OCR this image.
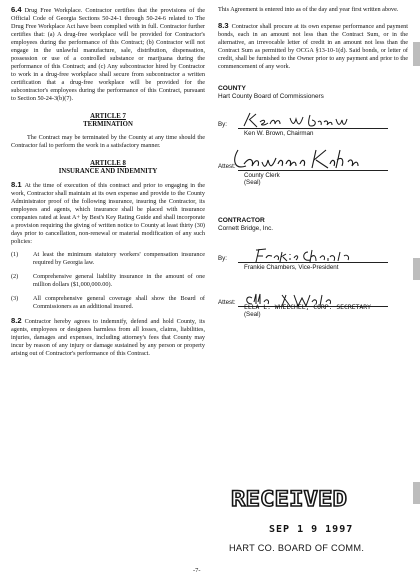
6.4 Drug Free Workplace. Contractor certifies that the provisions of the Official Code of Georgia Sections 50-24-1 through 50-24-6 related to The Drug Free Workplace Act have been complied with in full. Contractor further certifies that: (a) A drug-free workplace will be provided for Contractor's employees during the performance of this Contract; (b) Contractor will not engage in the unlawful manufacture, sale, distribution, dispensation, possession or use of a controlled substance or marijuana during the performance of this Contract; and (c) Any subcontractor hired by Contractor to work in a drug-free workplace shall secure from subcontractor a written certification that a drug-free workplace will be provided for the subcontractor's employees during the performance of this Contract, pursuant to Section 50-24-3(b)(7).

ARTICLE 7
TERMINATION

The Contract may be terminated by the County at any time should the Contractor fail to perform the work in a satisfactory manner.

ARTICLE 8
INSURANCE AND INDEMNITY

8.1 At the time of execution of this contract and prior to engaging in the work, Contractor shall maintain at its own expense and provide to the County Administrator proof of the following insurance, insuring the Contractor, its employees and agents, which insurance shall be placed with insurance companies rated at least A+ by Best's Key Rating Guide and shall incorporate a provision requiring the giving of written notice to County at least thirty (30) days prior to cancellation, non-renewal or material modification of any such policies:

(1)	At least the minimum statutory workers' compensation insurance required by Georgia law.
(2)	Comprehensive general liability insurance in the amount of one million dollars ($1,000,000.00).
(3)	All comprehensive general coverage shall show the Board of Commissioners as an additional insured.

8.2 Contractor hereby agrees to indemnify, defend and hold County, its agents, employees or designees harmless from all losses, claims, liabilities, injuries, damages and expenses, including attorney's fees that County may incur by reason of any injury or damage sustained by any person or property arising out of Contractor's performance of this Contract.

This Agreement is entered into as of the day and year first written above.

8.3 Contractor shall procure at its own expense performance and payment bonds, each in an amount not less than the Contract Sum, or in the alternative, an irrevocable letter of credit in an amount not less than the Contract Sum as permitted by OCGA §13-10-1(d). Said bonds, or letter of credit, shall be furnished to the Owner prior to any payment and prior to the commencement of any work.

COUNTY
Hart County Board of Commissioners
By:
Ken W. Brown, Chairman
Attest:
County Clerk
(Seal)
CONTRACTOR
Cornett Bridge, Inc.
By:
Frankie Chambers, Vice-President
Attest:
ELLA L. WHELCHEL, CORP. SECRETARY
(Seal)
RECEIVED
SEP 1 9 1997
HART CO. BOARD OF COMM.
-7-
